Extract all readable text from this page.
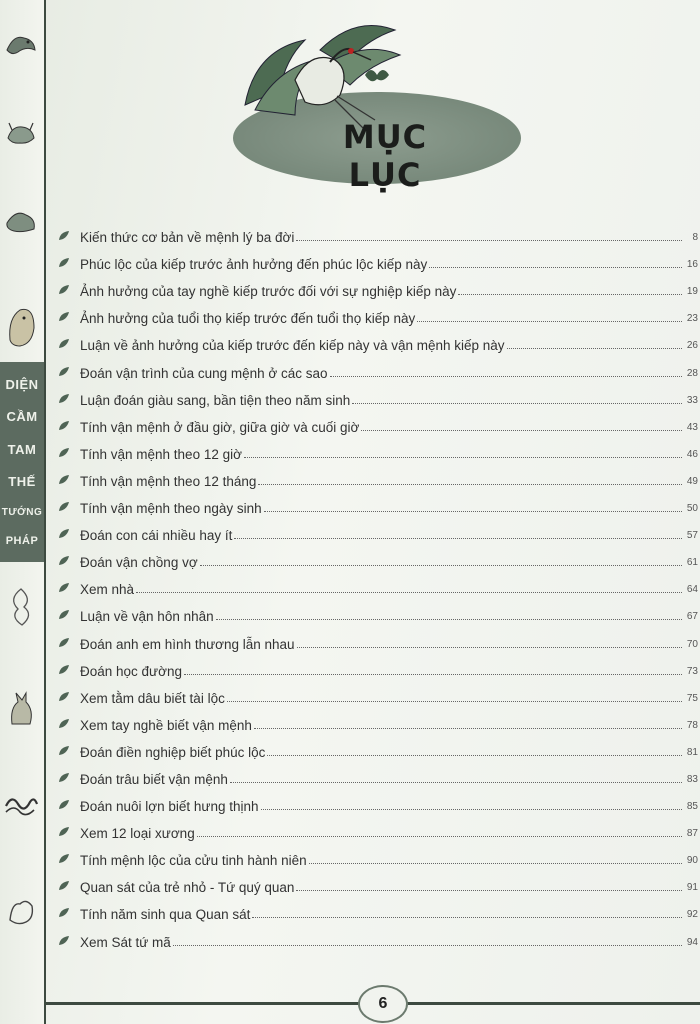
DIỆN
CẦM
TAM
THẾ
TƯỚNG
PHÁP
MỤC LỤC
Kiến thức cơ bản về mệnh lý ba đời	8
Phúc lộc của kiếp trước ảnh hưởng đến phúc lộc kiếp này	16
Ảnh hưởng của tay nghề kiếp trước đối với sự nghiệp kiếp này	19
Ảnh hưởng của tuổi thọ kiếp trước đến tuổi thọ kiếp này	23
Luận về ảnh hưởng của kiếp trước đến kiếp này và vận mệnh kiếp này	26
Đoán vận trình của cung mệnh ở các sao	28
Luận đoán giàu sang, bần tiện theo năm sinh	33
Tính vận mệnh ở đầu giờ, giữa giờ và cuối giờ	43
Tính vận mệnh theo 12 giờ	46
Tính vận mệnh theo 12 tháng	49
Tính vận mệnh theo ngày sinh	50
Đoán con cái nhiều hay ít	57
Đoán vận chồng vợ	61
Xem nhà	64
Luận về vận hôn nhân	67
Đoán anh em hình thương lẫn nhau	70
Đoán học đường	73
Xem tằm dâu biết tài lộc	75
Xem tay nghề biết vận mệnh	78
Đoán điền nghiệp biết phúc lộc	81
Đoán trâu biết vận mệnh	83
Đoán nuôi lợn biết hưng thịnh	85
Xem 12 loại xương	87
Tính mệnh lộc của cửu tinh hành niên	90
Quan sát của trẻ nhỏ - Tứ quý quan	91
Tính năm sinh qua Quan sát	92
Xem Sát tứ mã	94
6
